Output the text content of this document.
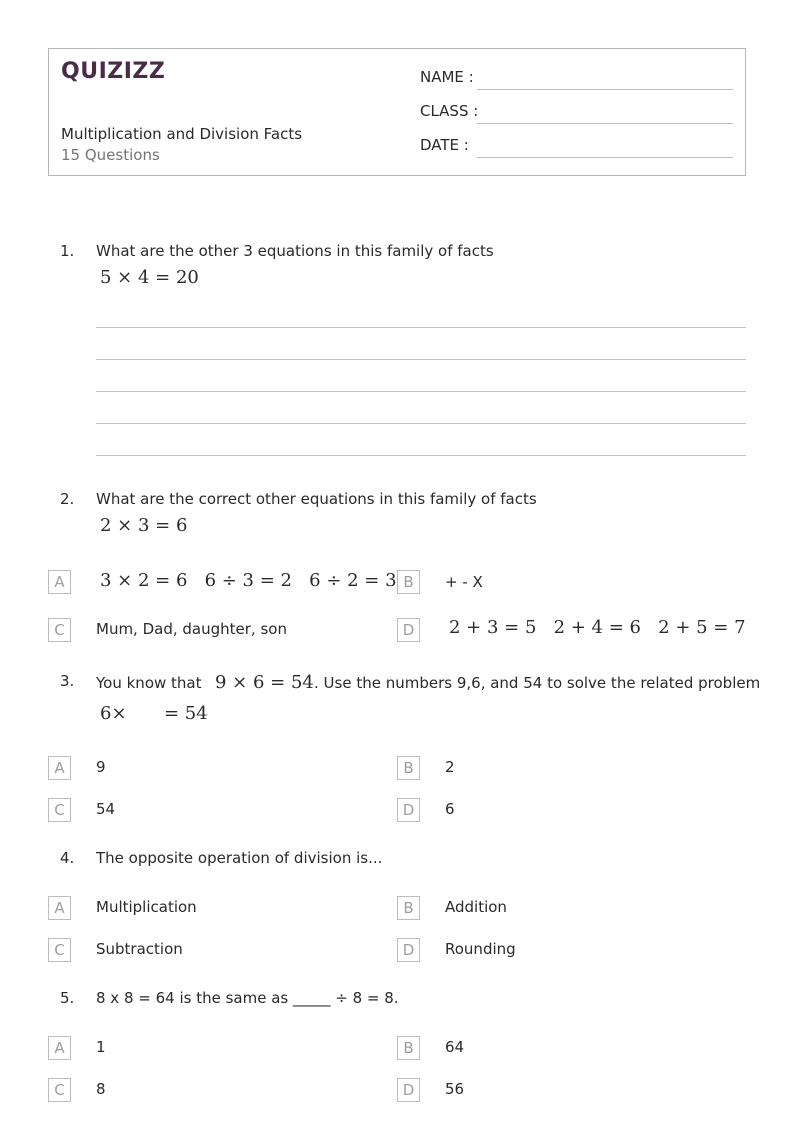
QUIZIZZ
Multiplication and Division Facts
15 Questions
NAME :
CLASS :
DATE :
1. What are the other 3 equations in this family of facts
5 × 4 = 20
2. What are the correct other equations in this family of facts
2 × 3 = 6
A	3 × 2 = 6   6 ÷ 3 = 2   6 ÷ 2 = 3 B	+ - X
C	Mum, Dad, daughter, son	D	2 + 3 = 5   2 + 4 = 6   2 + 5 = 7
3. You know that 9 × 6 = 54 . Use the numbers 9,6, and 54 to solve the related problem
6× = 54
A	9	B	2
C	54	D	6
4. The opposite operation of division is...
A	Multiplication	B	Addition
C	Subtraction	D	Rounding
5. 8 x 8 = 64 is the same as _____ ÷ 8 = 8.
A	1	B	64
C	8	D	56
